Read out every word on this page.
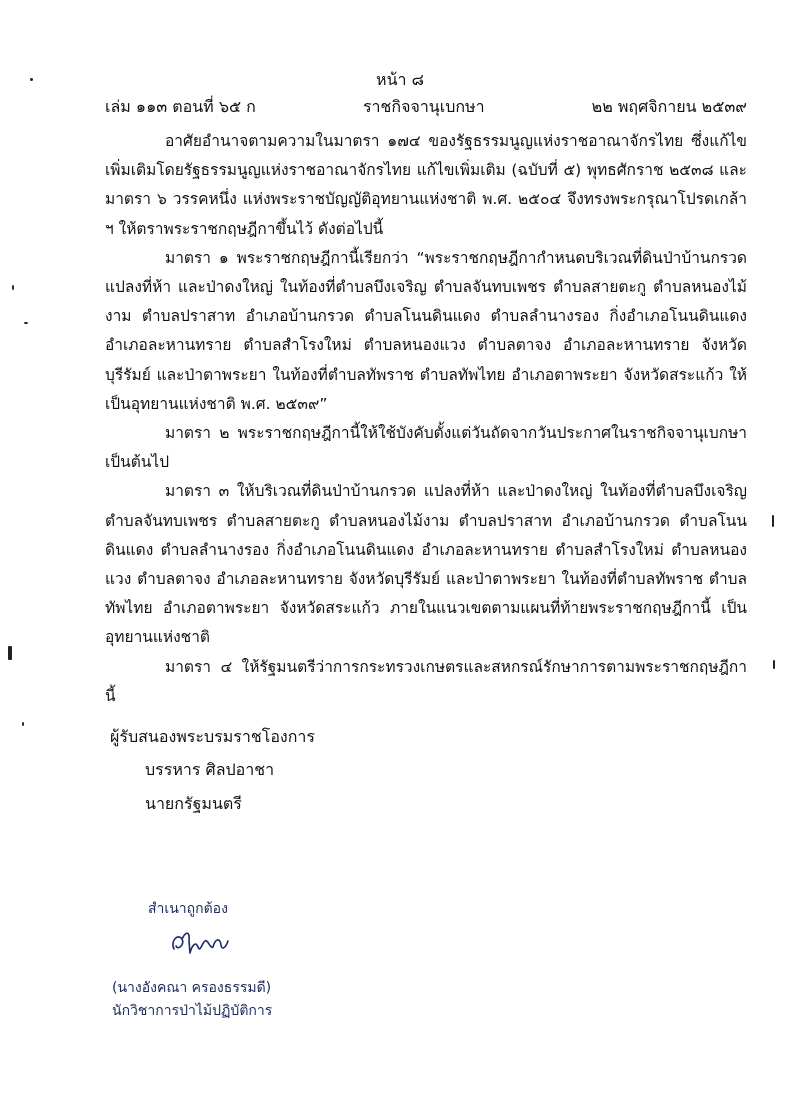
หน้า ๘
เล่ม ๑๑๓ ตอนที่ ๖๕ ก	ราชกิจจานุเบกษา	๒๒ พฤศจิกายน ๒๕๓๙

อาศัยอำนาจตามความในมาตรา ๑๗๔ ของรัฐธรรมนูญแห่งราชอาณาจักรไทย ซึ่งแก้ไขเพิ่มเติมโดยรัฐธรรมนูญแห่งราชอาณาจักรไทย แก้ไขเพิ่มเติม (ฉบับที่ ๕) พุทธศักราช ๒๕๓๘ และมาตรา ๖ วรรคหนึ่ง แห่งพระราชบัญญัติอุทยานแห่งชาติ พ.ศ. ๒๕๐๔ จึงทรงพระกรุณาโปรดเกล้า ฯ ให้ตราพระราชกฤษฎีกาขึ้นไว้ ดังต่อไปนี้

มาตรา ๑ พระราชกฤษฎีกานี้เรียกว่า “พระราชกฤษฎีกากำหนดบริเวณที่ดินป่าบ้านกรวด แปลงที่ห้า และป่าดงใหญ่ ในท้องที่ตำบลบึงเจริญ ตำบลจันทบเพชร ตำบลสายตะกู ตำบลหนองไม้งาม ตำบลปราสาท อำเภอบ้านกรวด ตำบลโนนดินแดง ตำบลลำนางรอง กิ่งอำเภอโนนดินแดง อำเภอละหานทราย ตำบลสำโรงใหม่ ตำบลหนองแวง ตำบลตาจง อำเภอละหานทราย จังหวัดบุรีรัมย์ และป่าตาพระยา ในท้องที่ตำบลทัพราช ตำบลทัพไทย อำเภอตาพระยา จังหวัดสระแก้ว ให้เป็นอุทยานแห่งชาติ พ.ศ. ๒๕๓๙”

มาตรา ๒ พระราชกฤษฎีกานี้ให้ใช้บังคับตั้งแต่วันถัดจากวันประกาศในราชกิจจานุเบกษาเป็นต้นไป

มาตรา ๓ ให้บริเวณที่ดินป่าบ้านกรวด แปลงที่ห้า และป่าดงใหญ่ ในท้องที่ตำบลบึงเจริญ ตำบลจันทบเพชร ตำบลสายตะกู ตำบลหนองไม้งาม ตำบลปราสาท อำเภอบ้านกรวด ตำบลโนนดินแดง ตำบลลำนางรอง กิ่งอำเภอโนนดินแดง อำเภอละหานทราย ตำบลสำโรงใหม่ ตำบลหนองแวง ตำบลตาจง อำเภอละหานทราย จังหวัดบุรีรัมย์ และป่าตาพระยา ในท้องที่ตำบลทัพราช ตำบลทัพไทย อำเภอตาพระยา จังหวัดสระแก้ว ภายในแนวเขตตามแผนที่ท้ายพระราชกฤษฎีกานี้ เป็นอุทยานแห่งชาติ

มาตรา ๔ ให้รัฐมนตรีว่าการกระทรวงเกษตรและสหกรณ์รักษาการตามพระราชกฤษฎีกานี้

ผู้รับสนองพระบรมราชโองการ
บรรหาร ศิลปอาชา
นายกรัฐมนตรี
สำเนาถูกต้อง
(นางอังคณา ครองธรรมดี)
นักวิชาการป่าไม้ปฏิบัติการ
